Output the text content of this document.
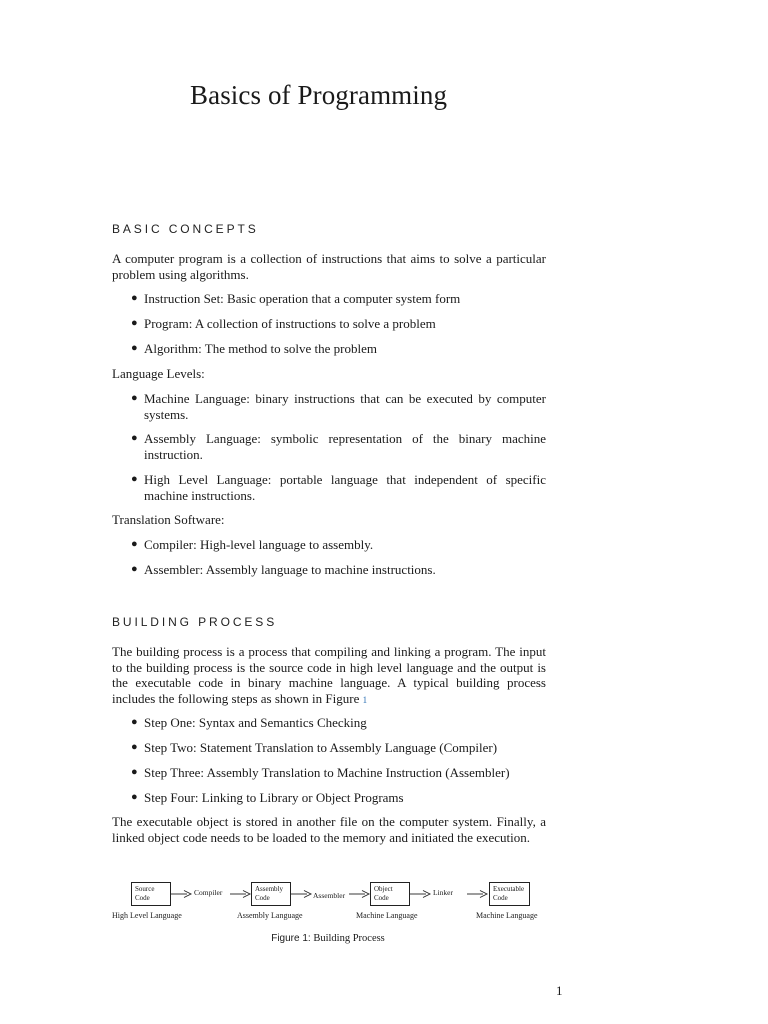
Basics of Programming
BASIC CONCEPTS

A computer program is a collection of instructions that aims to solve a particular problem using algorithms.

● Instruction Set: Basic operation that a computer system form
● Program: A collection of instructions to solve a problem
● Algorithm: The method to solve the problem

Language Levels:

● Machine Language: binary instructions that can be executed by computer systems.
● Assembly Language: symbolic representation of the binary machine instruction.
● High Level Language: portable language that independent of specific machine instructions.

Translation Software:

● Compiler: High-level language to assembly.
● Assembler: Assembly language to machine instructions.
BUILDING PROCESS

The building process is a process that compiling and linking a program. The input to the building process is the source code in high level language and the output is the executable code in binary machine language. A typical building process includes the following steps as shown in Figure 1

● Step One: Syntax and Semantics Checking
● Step Two: Statement Translation to Assembly Language (Compiler)
● Step Three: Assembly Translation to Machine Instruction (Assembler)
● Step Four: Linking to Library or Object Programs

The executable object is stored in another file on the computer system. Finally, a linked object code needs to be loaded to the memory and initiated the execution.

Source
Code
Assembly
Code
Object
Code
Executable
Code
Compiler	Assembler	Linker
High Level Language	Assembly Language	Machine Language	Machine Language

Figure 1: Building Process

1
